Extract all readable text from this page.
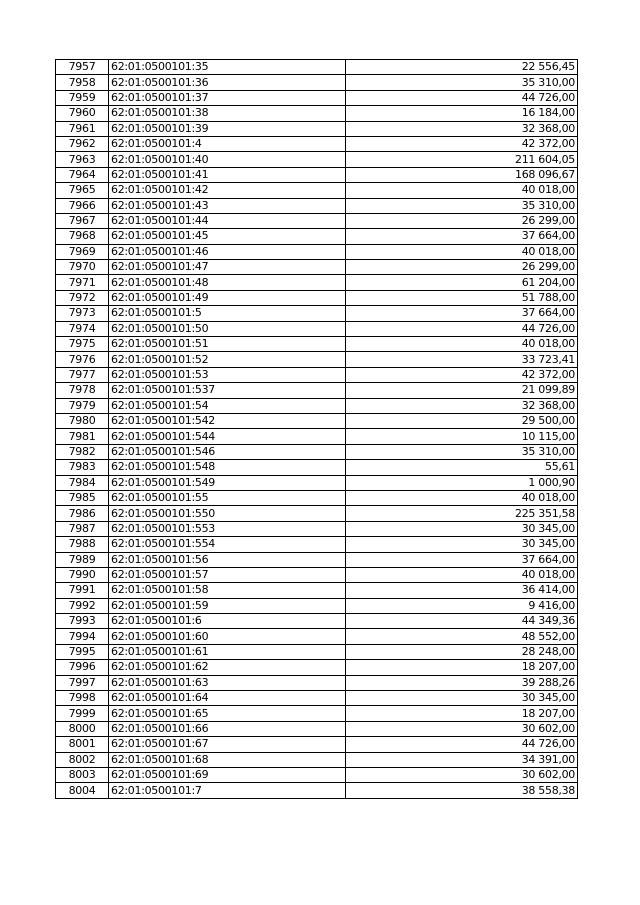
7957	62:01:0500101:35	22 556,45
7958	62:01:0500101:36	35 310,00
7959	62:01:0500101:37	44 726,00
7960	62:01:0500101:38	16 184,00
7961	62:01:0500101:39	32 368,00
7962	62:01:0500101:4	42 372,00
7963	62:01:0500101:40	211 604,05
7964	62:01:0500101:41	168 096,67
7965	62:01:0500101:42	40 018,00
7966	62:01:0500101:43	35 310,00
7967	62:01:0500101:44	26 299,00
7968	62:01:0500101:45	37 664,00
7969	62:01:0500101:46	40 018,00
7970	62:01:0500101:47	26 299,00
7971	62:01:0500101:48	61 204,00
7972	62:01:0500101:49	51 788,00
7973	62:01:0500101:5	37 664,00
7974	62:01:0500101:50	44 726,00
7975	62:01:0500101:51	40 018,00
7976	62:01:0500101:52	33 723,41
7977	62:01:0500101:53	42 372,00
7978	62:01:0500101:537	21 099,89
7979	62:01:0500101:54	32 368,00
7980	62:01:0500101:542	29 500,00
7981	62:01:0500101:544	10 115,00
7982	62:01:0500101:546	35 310,00
7983	62:01:0500101:548	55,61
7984	62:01:0500101:549	1 000,90
7985	62:01:0500101:55	40 018,00
7986	62:01:0500101:550	225 351,58
7987	62:01:0500101:553	30 345,00
7988	62:01:0500101:554	30 345,00
7989	62:01:0500101:56	37 664,00
7990	62:01:0500101:57	40 018,00
7991	62:01:0500101:58	36 414,00
7992	62:01:0500101:59	9 416,00
7993	62:01:0500101:6	44 349,36
7994	62:01:0500101:60	48 552,00
7995	62:01:0500101:61	28 248,00
7996	62:01:0500101:62	18 207,00
7997	62:01:0500101:63	39 288,26
7998	62:01:0500101:64	30 345,00
7999	62:01:0500101:65	18 207,00
8000	62:01:0500101:66	30 602,00
8001	62:01:0500101:67	44 726,00
8002	62:01:0500101:68	34 391,00
8003	62:01:0500101:69	30 602,00
8004	62:01:0500101:7	38 558,38
